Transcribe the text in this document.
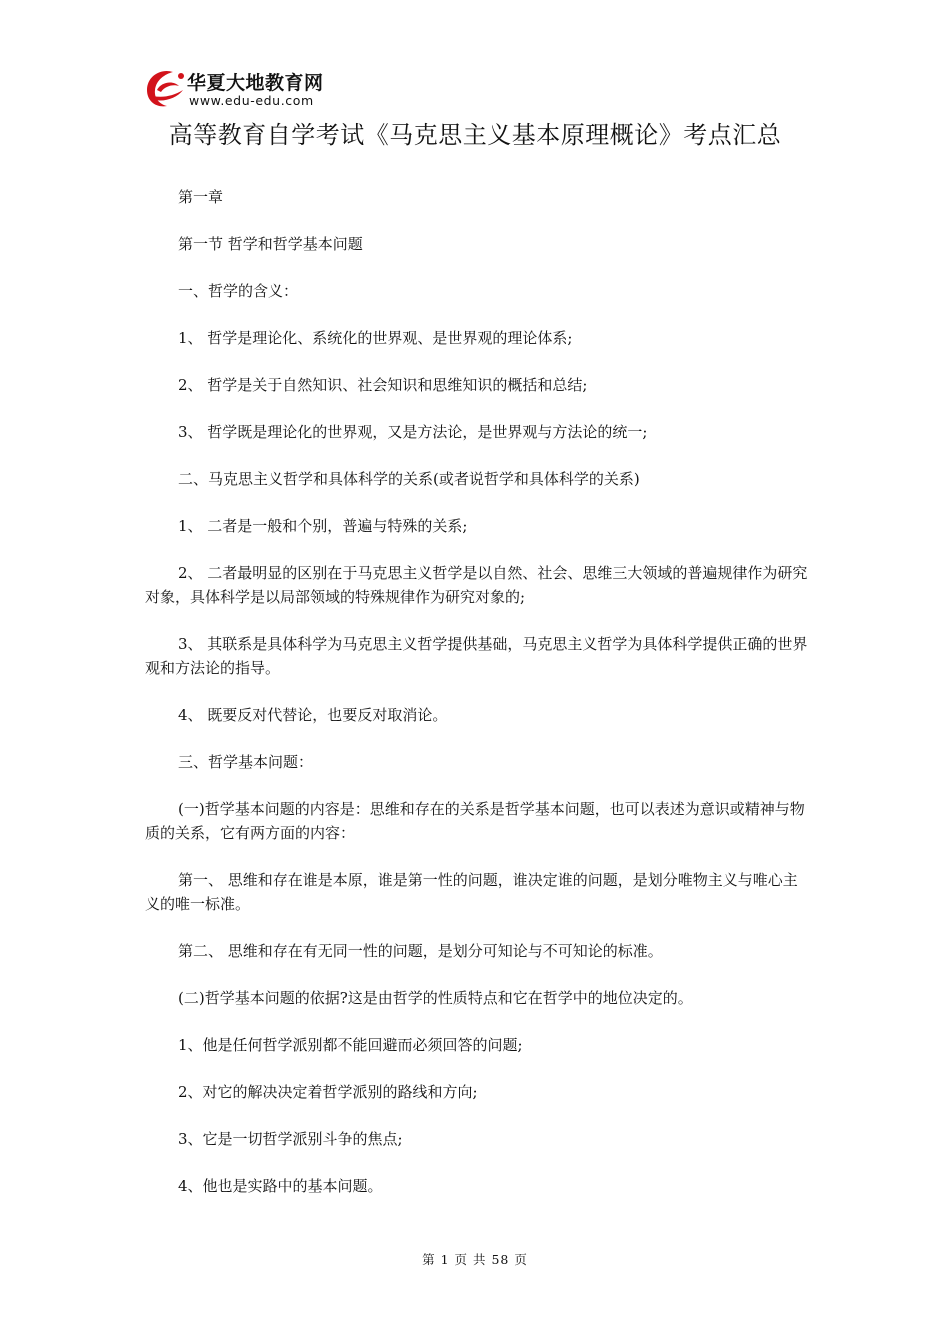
华夏大地教育网
www.edu-edu.com
高等教育自学考试《马克思主义基本原理概论》考点汇总

第一章

第一节 哲学和哲学基本问题

一、哲学的含义：

1、 哲学是理论化、系统化的世界观、是世界观的理论体系;

2、 哲学是关于自然知识、社会知识和思维知识的概括和总结;

3、 哲学既是理论化的世界观，又是方法论，是世界观与方法论的统一;

二、马克思主义哲学和具体科学的关系(或者说哲学和具体科学的关系)

1、 二者是一般和个别，普遍与特殊的关系;

2、 二者最明显的区别在于马克思主义哲学是以自然、社会、思维三大领域的普遍规律作为研究对象，具体科学是以局部领域的特殊规律作为研究对象的;

3、 其联系是具体科学为马克思主义哲学提供基础，马克思主义哲学为具体科学提供正确的世界观和方法论的指导。

4、 既要反对代替论，也要反对取消论。

三、哲学基本问题：

(一)哲学基本问题的内容是：思维和存在的关系是哲学基本问题，也可以表述为意识或精神与物质的关系，它有两方面的内容：

第一、 思维和存在谁是本原，谁是第一性的问题，谁决定谁的问题，是划分唯物主义与唯心主义的唯一标准。

第二、 思维和存在有无同一性的问题，是划分可知论与不可知论的标准。

(二)哲学基本问题的依据?这是由哲学的性质特点和它在哲学中的地位决定的。

1、他是任何哲学派别都不能回避而必须回答的问题;

2、对它的解决决定着哲学派别的路线和方向;

3、它是一切哲学派别斗争的焦点;

4、他也是实路中的基本问题。

第 1 页 共 58 页
